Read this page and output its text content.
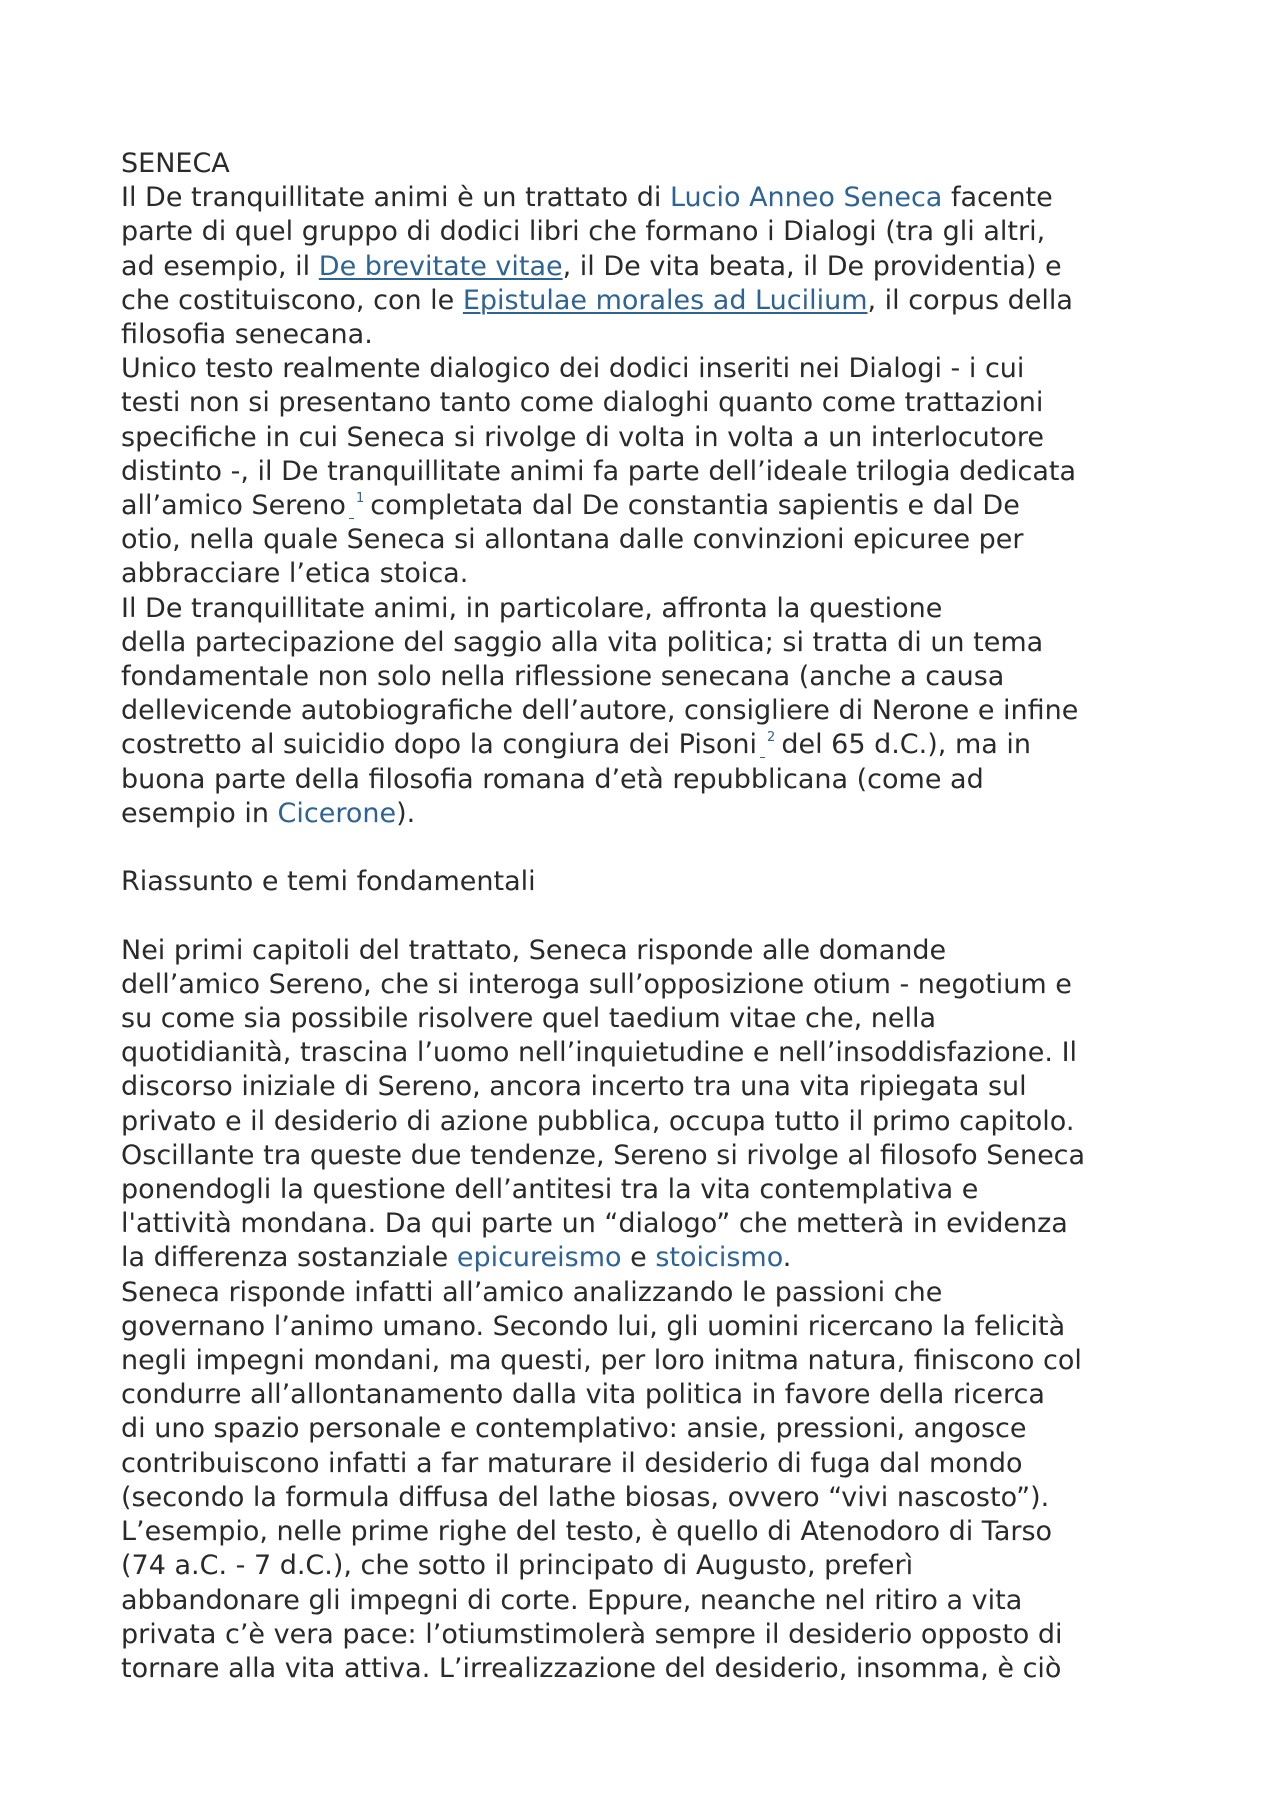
SENECA

Il De tranquillitate animi è un trattato di Lucio Anneo Seneca facente
parte di quel gruppo di dodici libri che formano i Dialogi (tra gli altri,
ad esempio, il De brevitate vitae, il De vita beata, il De providentia) e
che costituiscono, con le Epistulae morales ad Lucilium, il corpus della
filosofia senecana.

Unico testo realmente dialogico dei dodici inseriti nei Dialogi - i cui
testi non si presentano tanto come dialoghi quanto come trattazioni
specifiche in cui Seneca si rivolge di volta in volta a un interlocutore
distinto -, il De tranquillitate animi fa parte dell’ideale trilogia dedicata
all’amico Sereno $^1$ completata dal De constantia sapientis e dal De
otio, nella quale Seneca si allontana dalle convinzioni epicuree per
abbracciare l’etica stoica.

Il De tranquillitate animi, in particolare, affronta la questione
della partecipazione del saggio alla vita politica; si tratta di un tema
fondamentale non solo nella riflessione senecana (anche a causa
dellevicende autobiografiche dell’autore, consigliere di Nerone e infine
costretto al suicidio dopo la congiura dei Pisoni $^2$ del 65 d.C.), ma in
buona parte della filosofia romana d’età repubblicana (come ad
esempio in Cicerone).

Riassunto e temi fondamentali

Nei primi capitoli del trattato, Seneca risponde alle domande
dell’amico Sereno, che si interoga sull’opposizione otium - negotium e
su come sia possibile risolvere quel taedium vitae che, nella
quotidianità, trascina l’uomo nell’inquietudine e nell’insoddisfazione. Il
discorso iniziale di Sereno, ancora incerto tra una vita ripiegata sul
privato e il desiderio di azione pubblica, occupa tutto il primo capitolo.
Oscillante tra queste due tendenze, Sereno si rivolge al filosofo Seneca
ponendogli la questione dell’antitesi tra la vita contemplativa e
l'attività mondana. Da qui parte un “dialogo” che metterà in evidenza
la differenza sostanziale epicureismo e stoicismo.

Seneca risponde infatti all’amico analizzando le passioni che
governano l’animo umano. Secondo lui, gli uomini ricercano la felicità
negli impegni mondani, ma questi, per loro initma natura, finiscono col
condurre all’allontanamento dalla vita politica in favore della ricerca
di uno spazio personale e contemplativo: ansie, pressioni, angosce
contribuiscono infatti a far maturare il desiderio di fuga dal mondo
(secondo la formula diffusa del lathe biosas, ovvero “vivi nascosto”).
L’esempio, nelle prime righe del testo, è quello di Atenodoro di Tarso
(74 a.C. - 7 d.C.), che sotto il principato di Augusto, preferì
abbandonare gli impegni di corte. Eppure, neanche nel ritiro a vita
privata c’è vera pace: l’otiumstimolerà sempre il desiderio opposto di
tornare alla vita attiva. L’irrealizzazione del desiderio, insomma, è ciò
